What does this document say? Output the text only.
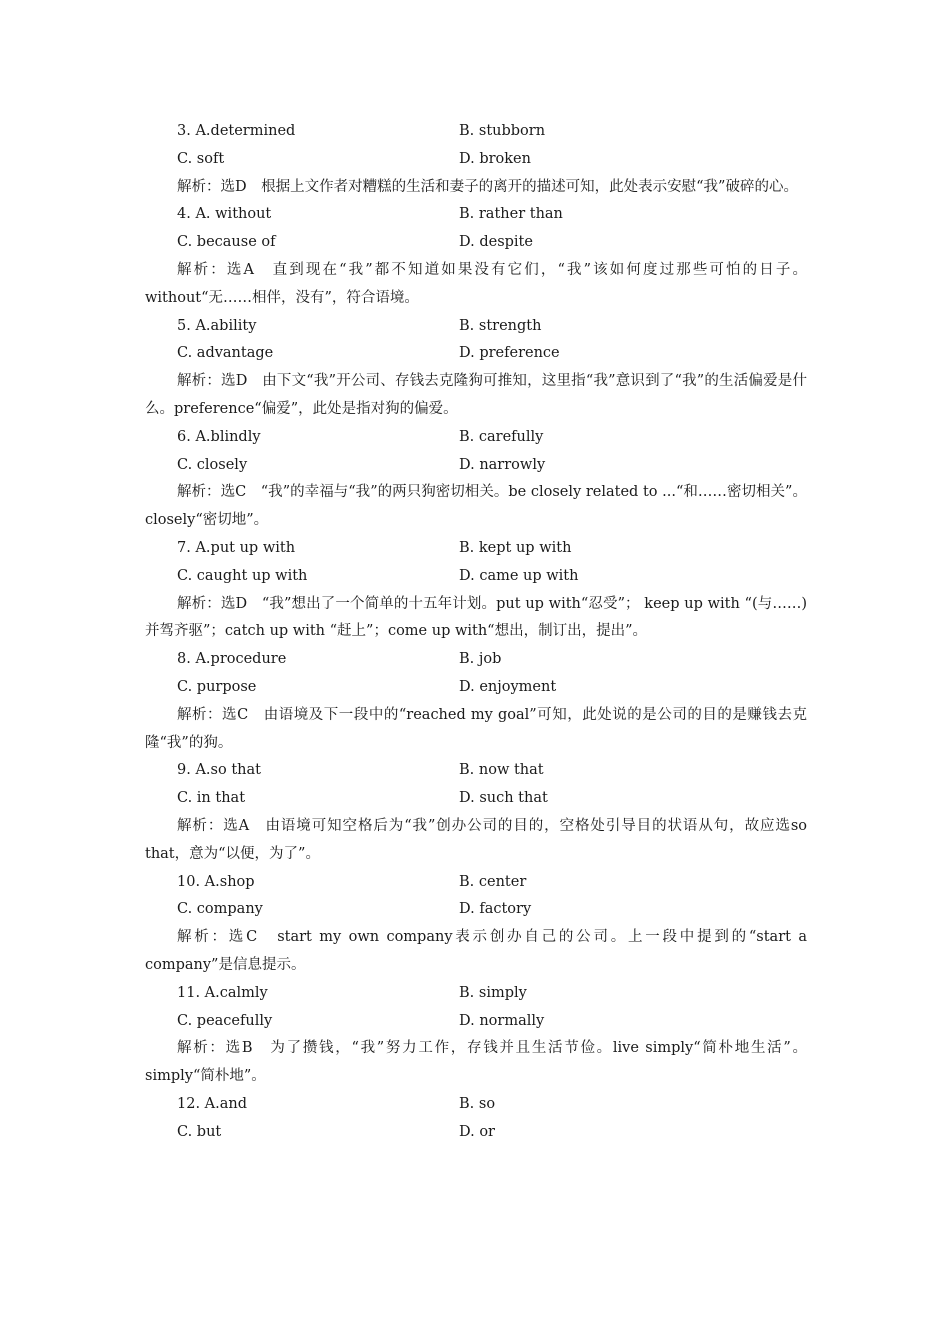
3. A.determined	B. stubborn
C. soft	D. broken
解析：选D　根据上文作者对糟糕的生活和妻子的离开的描述可知，此处表示安慰“我”破碎的心。
4. A. without	B. rather than
C. because of	D. despite
解析：选A　直到现在“我”都不知道如果没有它们，“我”该如何度过那些可怕的日子。without“无……相伴，没有”，符合语境。
5. A.ability	B. strength
C. advantage	D. preference
解析：选D　由下文“我”开公司、存钱去克隆狗可推知，这里指“我”意识到了“我”的生活偏爱是什么。preference“偏爱”，此处是指对狗的偏爱。
6. A.blindly	B. carefully
C. closely	D. narrowly
解析：选C　“我”的幸福与“我”的两只狗密切相关。be closely related to ...“和……密切相关”。closely“密切地”。
7. A.put up with	B. kept up with
C. caught up with	D. came up with
解析：选D　“我”想出了一个简单的十五年计划。put up with“忍受”； keep up with “(与……)并驾齐驱”；catch up with “赶上”；come up with“想出，制订出，提出”。
8. A.procedure	B. job
C. purpose	D. enjoyment
解析：选C　由语境及下一段中的“reached my goal”可知，此处说的是公司的目的是赚钱去克隆“我”的狗。
9. A.so that	B. now that
C. in that	D. such that
解析：选A　由语境可知空格后为“我”创办公司的目的，空格处引导目的状语从句，故应选so that，意为“以便，为了”。
10. A.shop	B. center
C. company	D. factory
解析：选C　start my own company表示创办自己的公司。上一段中提到的“start a company”是信息提示。
11. A.calmly	B. simply
C. peacefully	D. normally
解析：选B　为了攒钱，“我”努力工作，存钱并且生活节俭。live simply“简朴地生活”。simply“简朴地”。
12. A.and	B. so
C. but	D. or
